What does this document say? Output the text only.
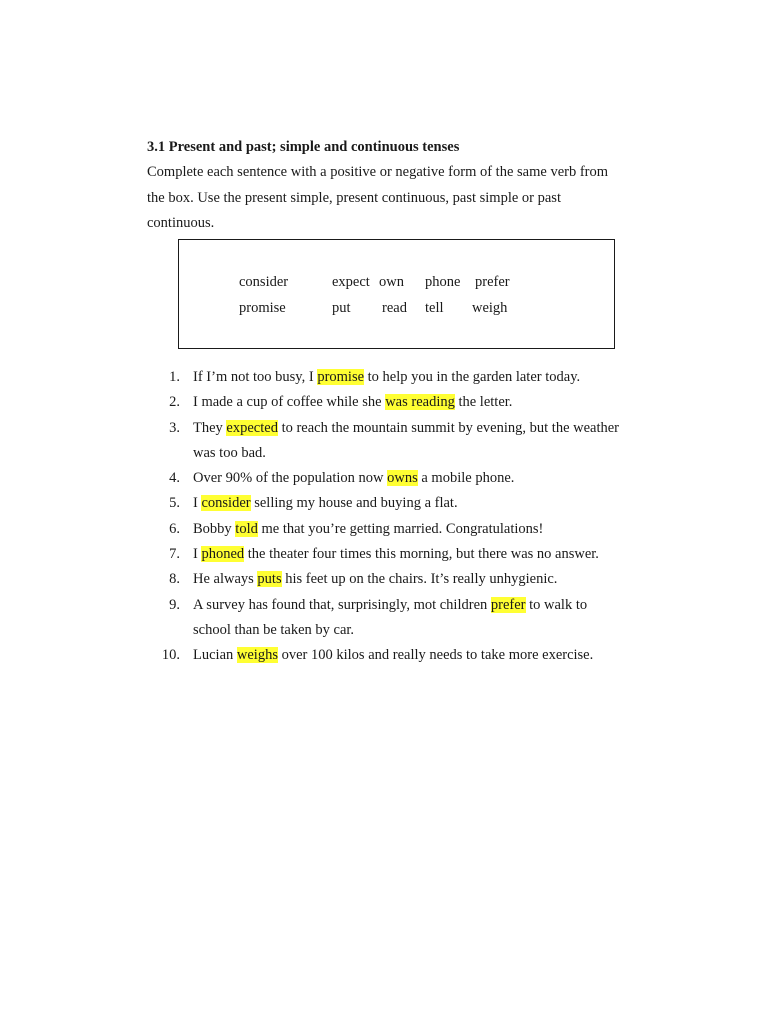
3.1 Present and past; simple and continuous tenses
Complete each sentence with a positive or negative form of the same verb from
the box. Use the present simple, present continuous, past simple or past
continuous.
consider	expect own phone prefer
promise	put read tell weigh
1. If I’m not too busy, I promise to help you in the garden later today.
2. I made a cup of coffee while she was reading the letter.
3. They expected to reach the mountain summit by evening, but the weather
was too bad.
4. Over 90% of the population now owns a mobile phone.
5. I consider selling my house and buying a flat.
6. Bobby told me that you’re getting married. Congratulations!
7. I phoned the theater four times this morning, but there was no answer.
8. He always puts his feet up on the chairs. It’s really unhygienic.
9. A survey has found that, surprisingly, mot children prefer to walk to
school than be taken by car.
10. Lucian weighs over 100 kilos and really needs to take more exercise.
